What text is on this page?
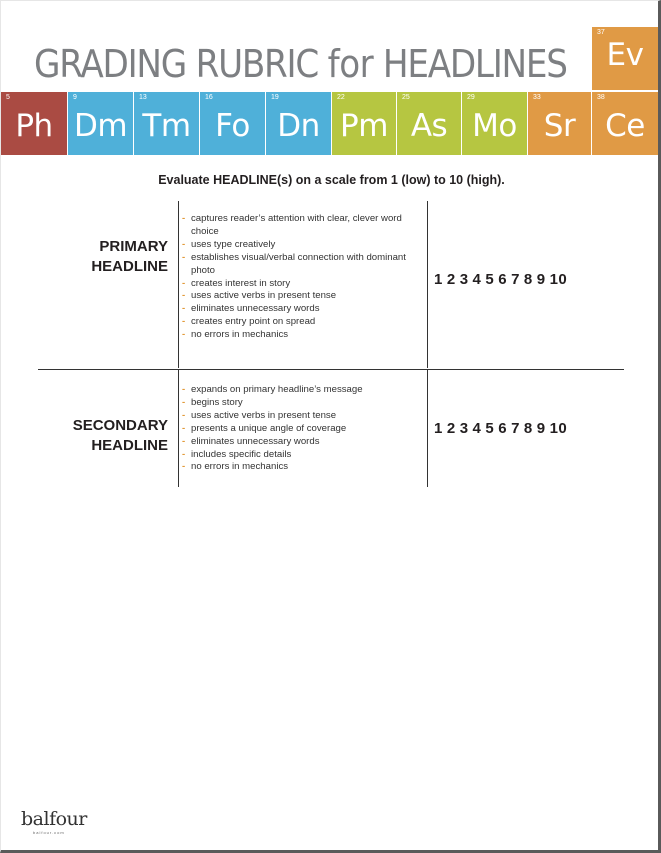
GRADING RUBRIC for HEADLINES
5
Ph
9
Dm
13
Tm
16
Fo
19
Dn
22
Pm
25
As
29
Mo
33
Sr
38
Ce
37
Ev
Evaluate HEADLINE(s) on a scale from 1 (low) to 10 (high).
PRIMARY
HEADLINE
- captures reader’s attention with clear, clever word choice
- uses type creatively
- establishes visual/verbal connection with dominant photo
- creates interest in story
- uses active verbs in present tense
- eliminates unnecessary words
- creates entry point on spread
- no errors in mechanics
1 2 3 4 5 6 7 8 9 10
SECONDARY
HEADLINE
- expands on primary headline’s message
- begins story
- uses active verbs in present tense
- presents a unique angle of coverage
- eliminates unnecessary words
- includes specific details
- no errors in mechanics
1 2 3 4 5 6 7 8 9 10
balfour
balfour.com
